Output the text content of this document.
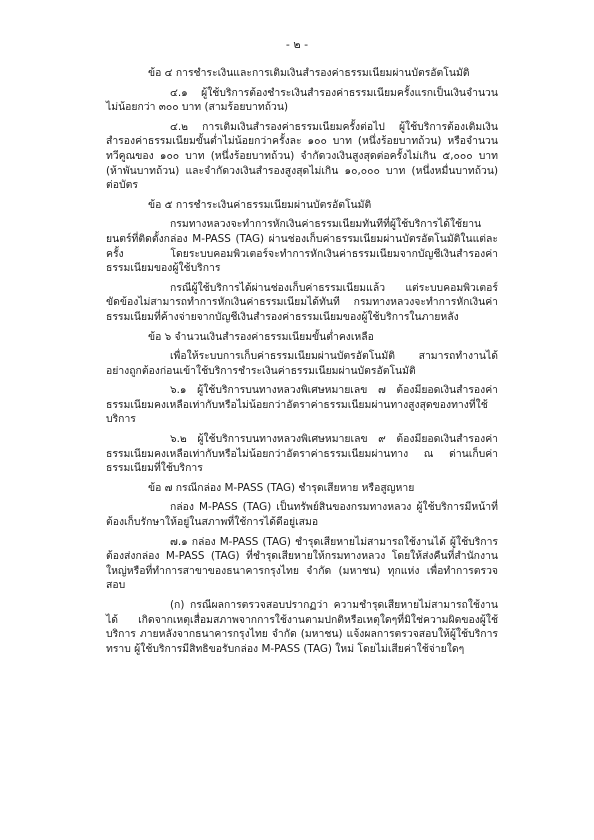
- ๒ -

ข้อ ๔ การชำระเงินและการเติมเงินสำรองค่าธรรมเนียมผ่านบัตรอัตโนมัติ

๔.๑ ผู้ใช้บริการต้องชำระเงินสำรองค่าธรรมเนียมครั้งแรกเป็นเงินจำนวนไม่น้อยกว่า ๓๐๐ บาท (สามร้อยบาทถ้วน)

๔.๒ การเติมเงินสำรองค่าธรรมเนียมครั้งต่อไป ผู้ใช้บริการต้องเติมเงินสำรองค่าธรรมเนียมขั้นต่ำไม่น้อยกว่าครั้งละ ๑๐๐ บาท (หนึ่งร้อยบาทถ้วน) หรือจำนวนทวีคูณของ ๑๐๐ บาท (หนึ่งร้อยบาทถ้วน) จำกัดวงเงินสูงสุดต่อครั้งไม่เกิน ๕,๐๐๐ บาท (ห้าพันบาทถ้วน) และจำกัดวงเงินสำรองสูงสุดไม่เกิน ๑๐,๐๐๐ บาท (หนึ่งหมื่นบาทถ้วน) ต่อบัตร

ข้อ ๕ การชำระเงินค่าธรรมเนียมผ่านบัตรอัตโนมัติ

กรมทางหลวงจะทำการหักเงินค่าธรรมเนียมทันทีที่ผู้ใช้บริการได้ใช้ยานยนตร์ที่ติดตั้งกล่อง M-PASS (TAG) ผ่านช่องเก็บค่าธรรมเนียมผ่านบัตรอัตโนมัติในแต่ละครั้ง โดยระบบคอมพิวเตอร์จะทำการหักเงินค่าธรรมเนียมจากบัญชีเงินสำรองค่าธรรมเนียมของผู้ใช้บริการ

กรณีผู้ใช้บริการได้ผ่านช่องเก็บค่าธรรมเนียมแล้ว แต่ระบบคอมพิวเตอร์ขัดข้องไม่สามารถทำการหักเงินค่าธรรมเนียมได้ทันที กรมทางหลวงจะทำการหักเงินค่าธรรมเนียมที่ค้างจ่ายจากบัญชีเงินสำรองค่าธรรมเนียมของผู้ใช้บริการในภายหลัง

ข้อ ๖ จำนวนเงินสำรองค่าธรรมเนียมขั้นต่ำคงเหลือ

เพื่อให้ระบบการเก็บค่าธรรมเนียมผ่านบัตรอัตโนมัติ สามารถทำงานได้อย่างถูกต้องก่อนเข้าใช้บริการชำระเงินค่าธรรมเนียมผ่านบัตรอัตโนมัติ

๖.๑ ผู้ใช้บริการบนทางหลวงพิเศษหมายเลข ๗ ต้องมียอดเงินสำรองค่าธรรมเนียมคงเหลือเท่ากับหรือไม่น้อยกว่าอัตราค่าธรรมเนียมผ่านทางสูงสุดของทางที่ใช้บริการ

๖.๒ ผู้ใช้บริการบนทางหลวงพิเศษหมายเลข ๙ ต้องมียอดเงินสำรองค่าธรรมเนียมคงเหลือเท่ากับหรือไม่น้อยกว่าอัตราค่าธรรมเนียมผ่านทาง ณ ด่านเก็บค่าธรรมเนียมที่ใช้บริการ

ข้อ ๗ กรณีกล่อง M-PASS (TAG) ชำรุดเสียหาย หรือสูญหาย

กล่อง M-PASS (TAG) เป็นทรัพย์สินของกรมทางหลวง ผู้ใช้บริการมีหน้าที่ต้องเก็บรักษาให้อยู่ในสภาพที่ใช้การได้ดีอยู่เสมอ

๗.๑ กล่อง M-PASS (TAG) ชำรุดเสียหายไม่สามารถใช้งานได้ ผู้ใช้บริการต้องส่งกล่อง M-PASS (TAG) ที่ชำรุดเสียหายให้กรมทางหลวง โดยให้ส่งคืนที่สำนักงานใหญ่หรือที่ทำการสาขาของธนาคารกรุงไทย จำกัด (มหาชน) ทุกแห่ง เพื่อทำการตรวจสอบ

(ก) กรณีผลการตรวจสอบปรากฏว่า ความชำรุดเสียหายไม่สามารถใช้งานได้ เกิดจากเหตุเสื่อมสภาพจากการใช้งานตามปกติหรือเหตุใดๆที่มิใช่ความผิดของผู้ใช้บริการ ภายหลังจากธนาคารกรุงไทย จำกัด (มหาชน) แจ้งผลการตรวจสอบให้ผู้ใช้บริการทราบ ผู้ใช้บริการมีสิทธิขอรับกล่อง M-PASS (TAG) ใหม่ โดยไม่เสียค่าใช้จ่ายใดๆ
